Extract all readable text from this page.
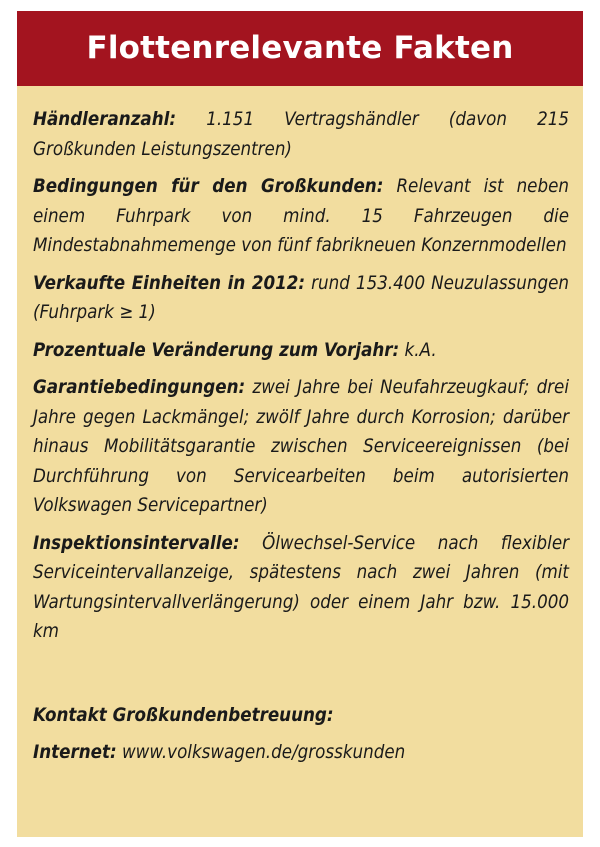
Flottenrelevante Fakten

Händleranzahl: 1.151 Vertragshändler (davon 215 Großkunden Leistungszentren)

Bedingungen für den Großkunden: Relevant ist neben einem Fuhrpark von mind. 15 Fahrzeugen die Mindestabnahmemenge von fünf fabrikneuen Konzernmodellen

Verkaufte Einheiten in 2012: rund 153.400 Neuzulassungen (Fuhrpark ≥ 1)

Prozentuale Veränderung zum Vorjahr: k.A.

Garantiebedingungen: zwei Jahre bei Neufahrzeugkauf; drei Jahre gegen Lackmängel; zwölf Jahre durch Korrosion; darüber hinaus Mobilitätsgarantie zwischen Serviceereignissen (bei Durchführung von Servicearbeiten beim autorisierten Volkswagen Servicepartner)

Inspektionsintervalle: Ölwechsel-Service nach flexibler Serviceintervallanzeige, spätestens nach zwei Jahren (mit Wartungsintervallverlängerung) oder einem Jahr bzw. 15.000 km

Kontakt Großkundenbetreuung:

Internet: www.volkswagen.de/grosskunden
